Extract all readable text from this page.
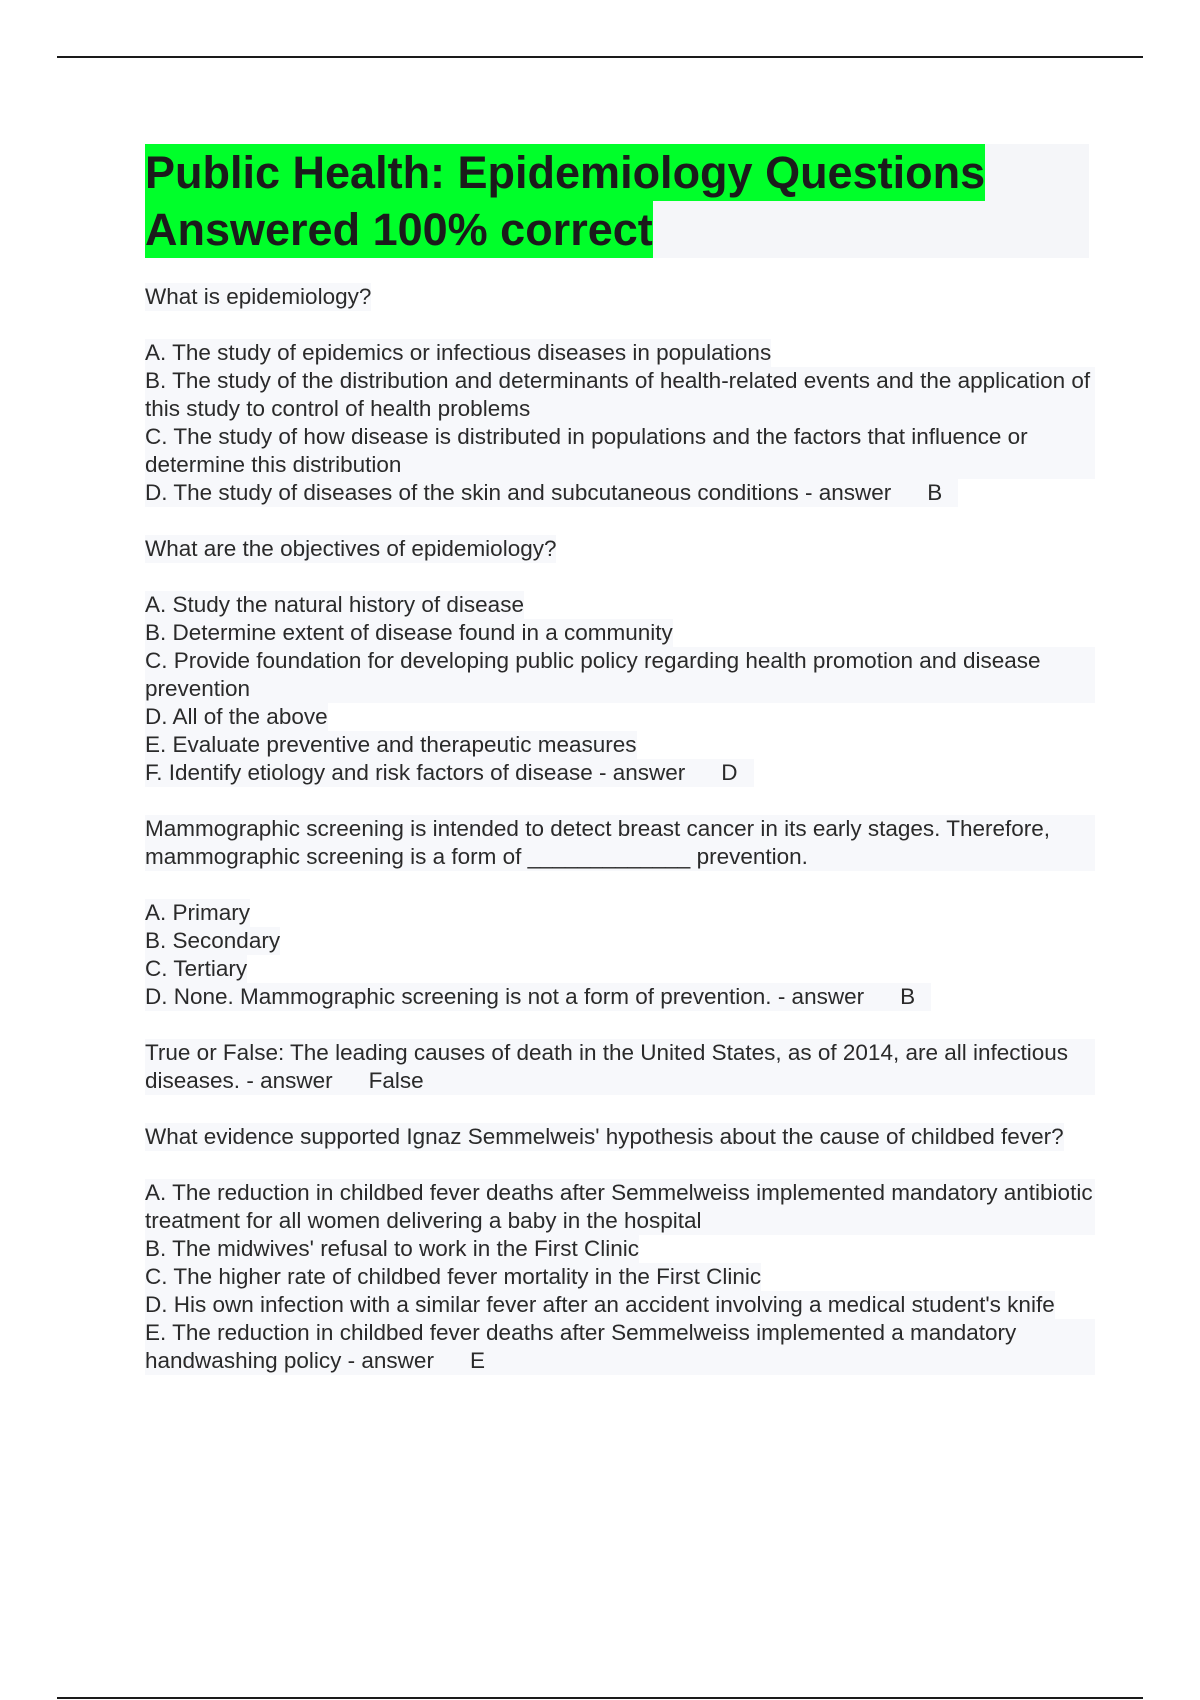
Public Health: Epidemiology Questions
Answered 100% correct

What is epidemiology?

A. The study of epidemics or infectious diseases in populations
B. The study of the distribution and determinants of health-related events and the application of this study to control of health problems
C. The study of how disease is distributed in populations and the factors that influence or determine this distribution
D. The study of diseases of the skin and subcutaneous conditions - answer B

What are the objectives of epidemiology?

A. Study the natural history of disease
B. Determine extent of disease found in a community
C. Provide foundation for developing public policy regarding health promotion and disease prevention
D. All of the above
E. Evaluate preventive and therapeutic measures
F. Identify etiology and risk factors of disease - answer D

Mammographic screening is intended to detect breast cancer in its early stages. Therefore, mammographic screening is a form of _____________ prevention.

A. Primary
B. Secondary
C. Tertiary
D. None. Mammographic screening is not a form of prevention. - answer B

True or False: The leading causes of death in the United States, as of 2014, are all infectious diseases. - answer False

What evidence supported Ignaz Semmelweis' hypothesis about the cause of childbed fever?

A. The reduction in childbed fever deaths after Semmelweiss implemented mandatory antibiotic treatment for all women delivering a baby in the hospital
B. The midwives' refusal to work in the First Clinic
C. The higher rate of childbed fever mortality in the First Clinic
D. His own infection with a similar fever after an accident involving a medical student's knife
E. The reduction in childbed fever deaths after Semmelweiss implemented a mandatory handwashing policy - answer E
